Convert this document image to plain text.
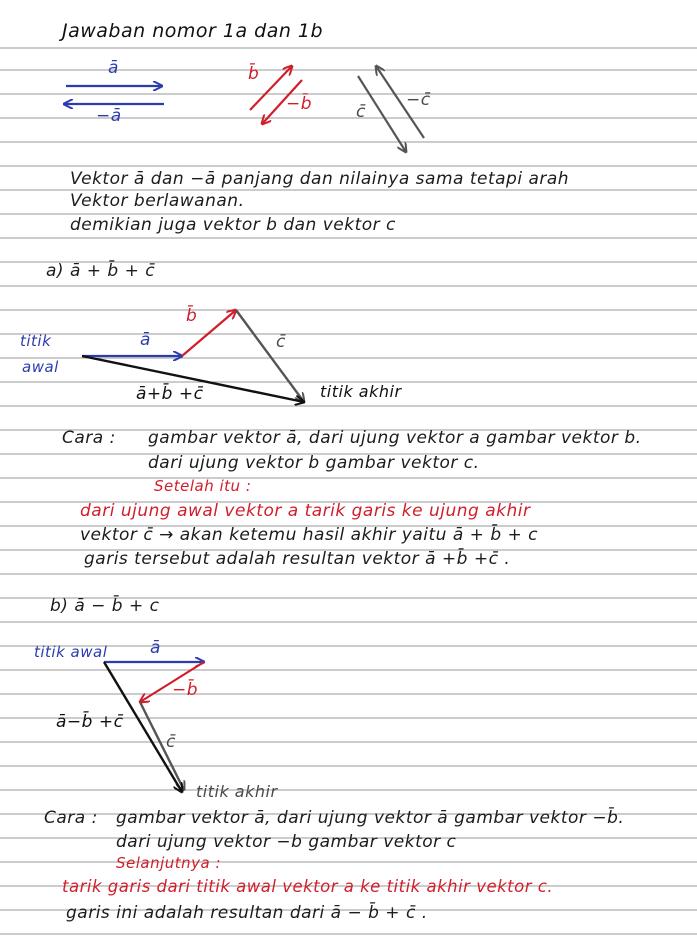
Jawaban nomor 1a dan 1b
ā
−ā
b̄
−b̄	c̄
−c̄
Vektor ā dan −ā panjang dan nilainya sama tetapi arah
Vektor berlawanan.
demikian juga vektor b dan vektor c
a) ā + b̄ + c̄
titik
awal
ā
b̄
c̄
ā+b̄ +c̄	titik akhir
Cara : gambar vektor ā, dari ujung vektor a gambar vektor b.
dari ujung vektor b gambar vektor c.
Setelah itu :
dari ujung awal vektor a tarik garis ke ujung akhir
vektor c̄ → akan ketemu hasil akhir yaitu ā + b̄ + c
garis tersebut adalah resultan vektor ā +b̄ +c̄ .
b) ā − b̄ + c
titik awal	ā
−b̄
c̄
ā−b̄ +c̄
titik akhir
Cara : gambar vektor ā, dari ujung vektor ā gambar vektor −b̄.
dari ujung vektor −b gambar vektor c
Selanjutnya :
tarik garis dari titik awal vektor a ke titik akhir vektor c.
garis ini adalah resultan dari ā − b̄ + c̄ .
